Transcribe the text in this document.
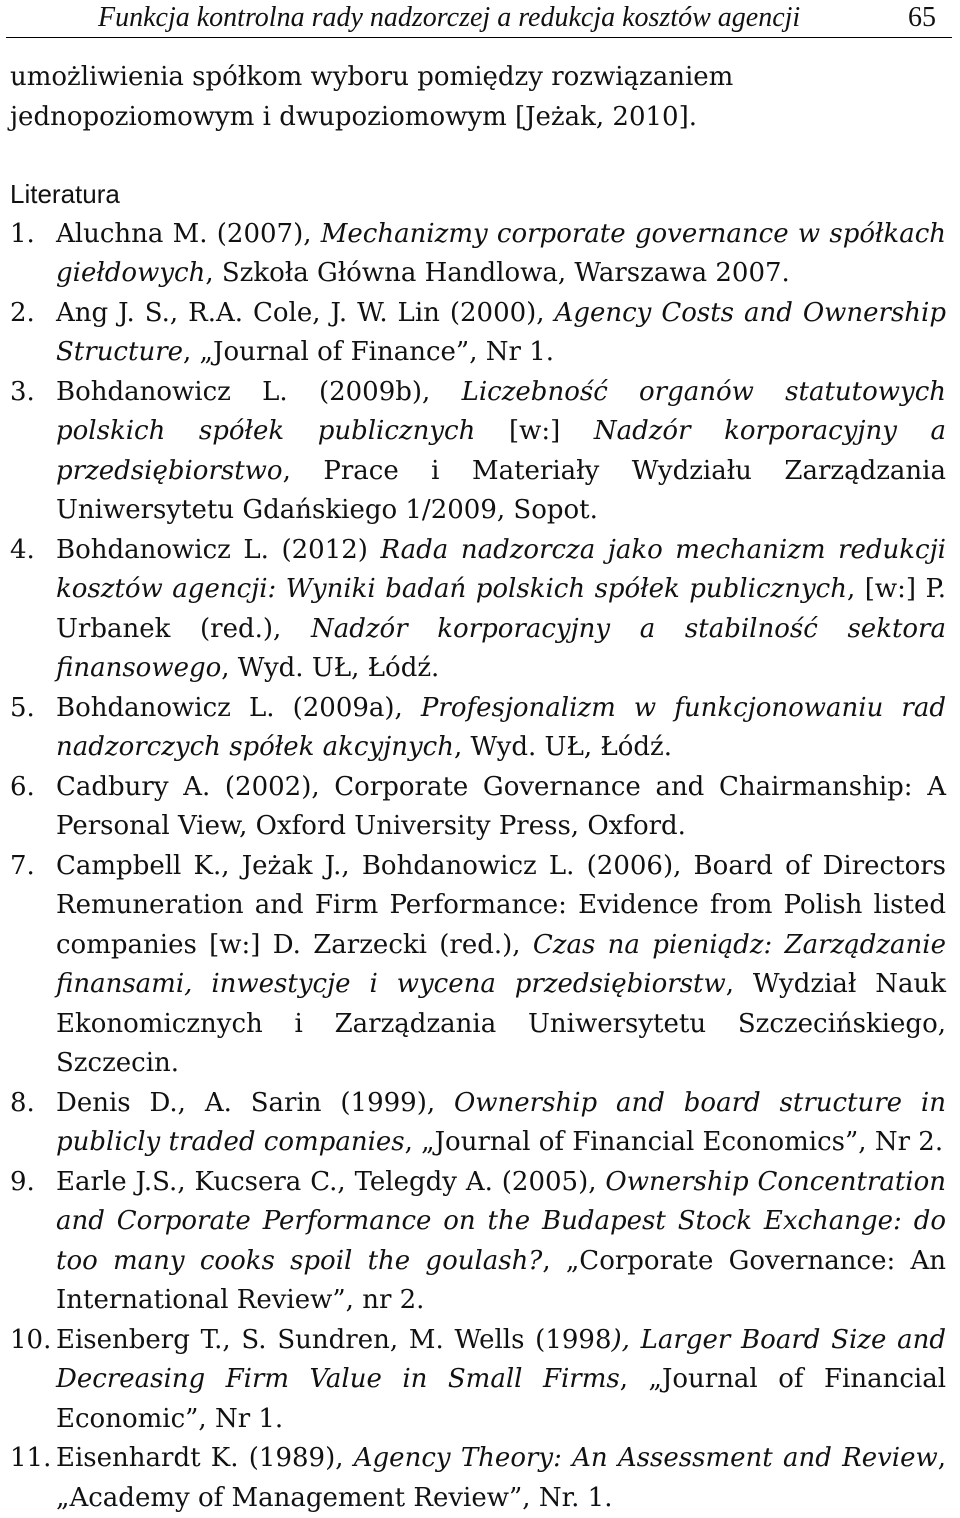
Funkcja kontrolna rady nadzorczej a redukcja kosztów agencji	65

umożliwienia spółkom wyboru pomiędzy rozwiązaniem jednopoziomowym i dwupoziomowym [Jeżak, 2010].

Literatura
1. Aluchna M. (2007), Mechanizmy corporate governance w spółkach giełdowych, Szkoła Główna Handlowa, Warszawa 2007.
2. Ang J. S., R.A. Cole, J. W. Lin (2000), Agency Costs and Ownership Structure, „Journal of Finance”, Nr 1.
3. Bohdanowicz L. (2009b), Liczebność organów statutowych polskich spółek publicznych [w:] Nadzór korporacyjny a przedsiębiorstwo, Prace i Materiały Wydziału Zarządzania Uniwersytetu Gdańskiego 1/2009, Sopot.
4. Bohdanowicz L. (2012) Rada nadzorcza jako mechanizm redukcji kosztów agencji: Wyniki badań polskich spółek publicznych, [w:] P. Urbanek (red.), Nadzór korporacyjny a stabilność sektora finansowego, Wyd. UŁ, Łódź.
5. Bohdanowicz L. (2009a), Profesjonalizm w funkcjonowaniu rad nadzorczych spółek akcyjnych, Wyd. UŁ, Łódź.
6. Cadbury A. (2002), Corporate Governance and Chairmanship: A Personal View, Oxford University Press, Oxford.
7. Campbell K., Jeżak J., Bohdanowicz L. (2006), Board of Directors Remuneration and Firm Performance: Evidence from Polish listed companies [w:] D. Zarzecki (red.), Czas na pieniądz: Zarządzanie finansami, inwestycje i wycena przedsiębiorstw, Wydział Nauk Ekonomicznych i Zarządzania Uniwersytetu Szczecińskiego, Szczecin.
8. Denis D., A. Sarin (1999), Ownership and board structure in publicly traded companies, „Journal of Financial Economics”, Nr 2.
9. Earle J.S., Kucsera C., Telegdy A. (2005), Ownership Concentration and Corporate Performance on the Budapest Stock Exchange: do too many cooks spoil the goulash?, „Corporate Governance: An International Review”, nr 2.
10. Eisenberg T., S. Sundren, M. Wells (1998), Larger Board Size and Decreasing Firm Value in Small Firms, „Journal of Financial Economic”, Nr 1.
11. Eisenhardt K. (1989), Agency Theory: An Assessment and Review, „Academy of Management Review”, Nr. 1.
